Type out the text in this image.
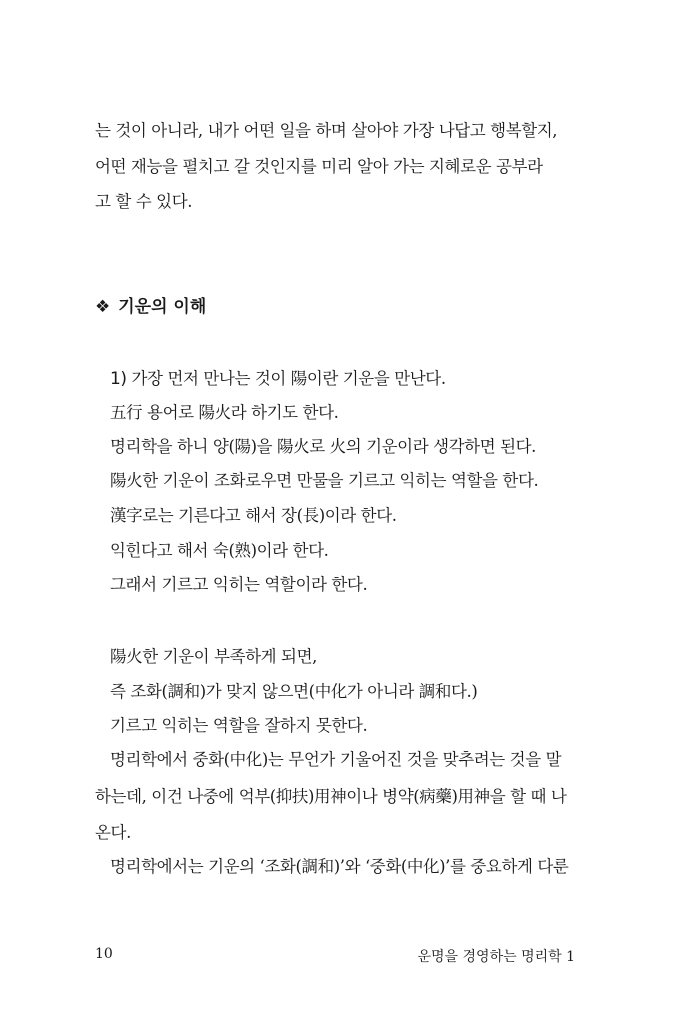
는 것이 아니라, 내가 어떤 일을 하며 살아야 가장 나답고 행복할지,
어떤 재능을 펼치고 갈 것인지를 미리 알아 가는 지혜로운 공부라
고 할 수 있다.
❖ 기운의 이해
1) 가장 먼저 만나는 것이 陽이란 기운을 만난다.
五行 용어로 陽火라 하기도 한다.
명리학을 하니 양(陽)을 陽火로 火의 기운이라 생각하면 된다.
陽火한 기운이 조화로우면 만물을 기르고 익히는 역할을 한다.
漢字로는 기른다고 해서 장(長)이라 한다.
익힌다고 해서 숙(熟)이라 한다.
그래서 기르고 익히는 역할이라 한다.
陽火한 기운이 부족하게 되면,
즉 조화(調和)가 맞지 않으면(中化가 아니라 調和다.)
기르고 익히는 역할을 잘하지 못한다.
명리학에서 중화(中化)는 무언가 기울어진 것을 맞추려는 것을 말
하는데, 이건 나중에 억부(抑扶)用神이나 병약(病藥)用神을 할 때 나
온다.
명리학에서는 기운의 ‘조화(調和)’와 ‘중화(中化)’를 중요하게 다룬
10	운명을 경영하는 명리학 1
